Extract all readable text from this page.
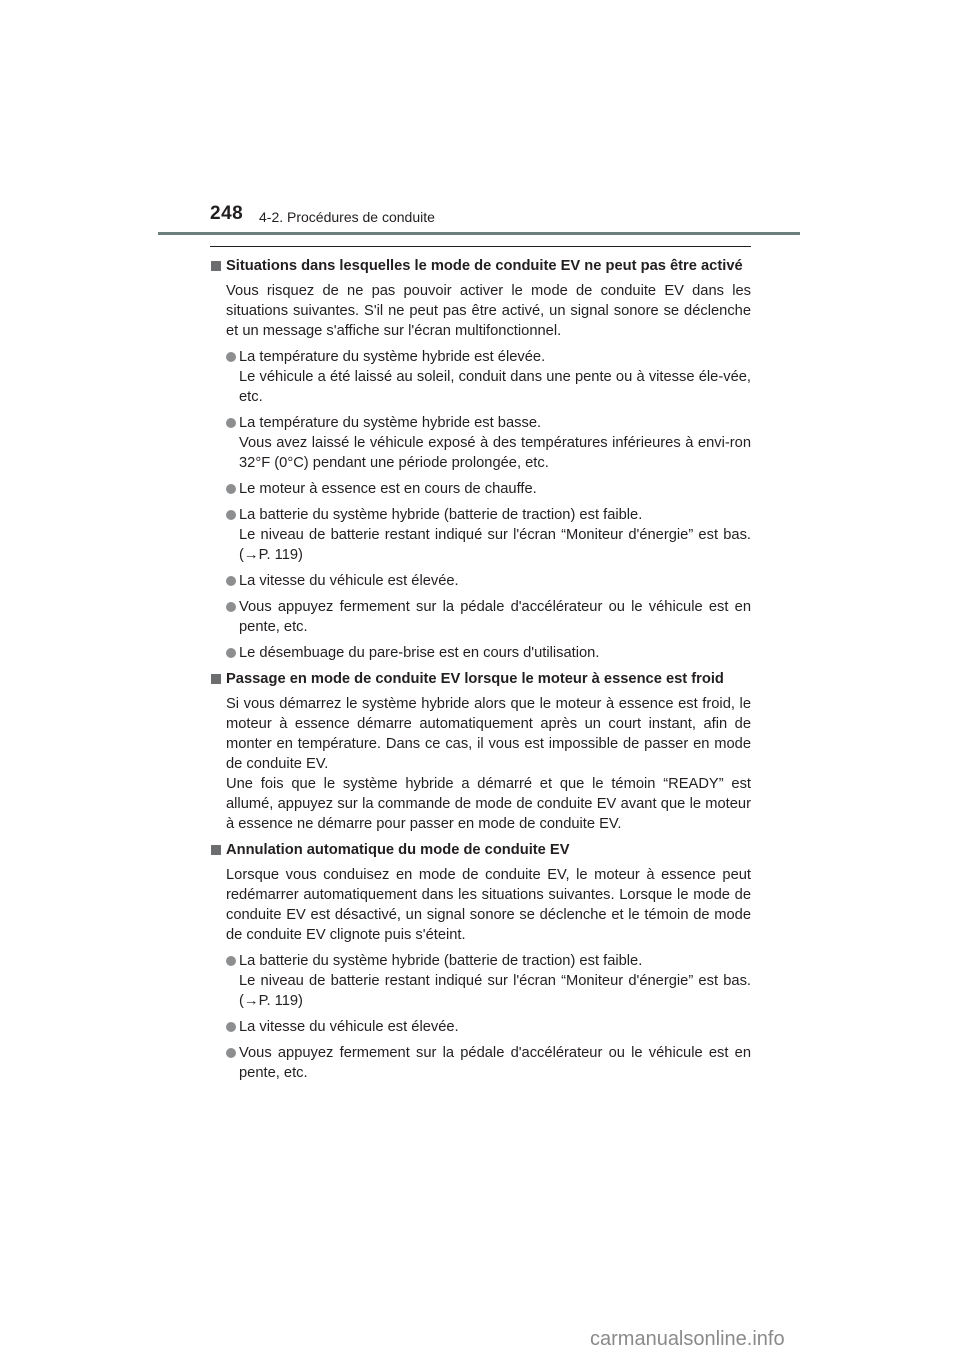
248 4-2. Procédures de conduite
Situations dans lesquelles le mode de conduite EV ne peut pas être activé
Vous risquez de ne pas pouvoir activer le mode de conduite EV dans les situations suivantes. S'il ne peut pas être activé, un signal sonore se déclenche et un message s'affiche sur l'écran multifonctionnel.
La température du système hybride est élevée.
Le véhicule a été laissé au soleil, conduit dans une pente ou à vitesse éle-vée, etc.
La température du système hybride est basse.
Vous avez laissé le véhicule exposé à des températures inférieures à envi-ron 32°F (0°C) pendant une période prolongée, etc.
Le moteur à essence est en cours de chauffe.
La batterie du système hybride (batterie de traction) est faible.
Le niveau de batterie restant indiqué sur l'écran “Moniteur d'énergie” est bas. (→P. 119)
La vitesse du véhicule est élevée.
Vous appuyez fermement sur la pédale d'accélérateur ou le véhicule est en pente, etc.
Le désembuage du pare-brise est en cours d'utilisation.
Passage en mode de conduite EV lorsque le moteur à essence est froid
Si vous démarrez le système hybride alors que le moteur à essence est froid, le moteur à essence démarre automatiquement après un court instant, afin de monter en température. Dans ce cas, il vous est impossible de passer en mode de conduite EV.
Une fois que le système hybride a démarré et que le témoin “READY” est allumé, appuyez sur la commande de mode de conduite EV avant que le moteur à essence ne démarre pour passer en mode de conduite EV.
Annulation automatique du mode de conduite EV
Lorsque vous conduisez en mode de conduite EV, le moteur à essence peut redémarrer automatiquement dans les situations suivantes. Lorsque le mode de conduite EV est désactivé, un signal sonore se déclenche et le témoin de mode de conduite EV clignote puis s'éteint.
La batterie du système hybride (batterie de traction) est faible.
Le niveau de batterie restant indiqué sur l'écran “Moniteur d'énergie” est bas. (→P. 119)
La vitesse du véhicule est élevée.
Vous appuyez fermement sur la pédale d'accélérateur ou le véhicule est en pente, etc.
carmanualsonline.info
